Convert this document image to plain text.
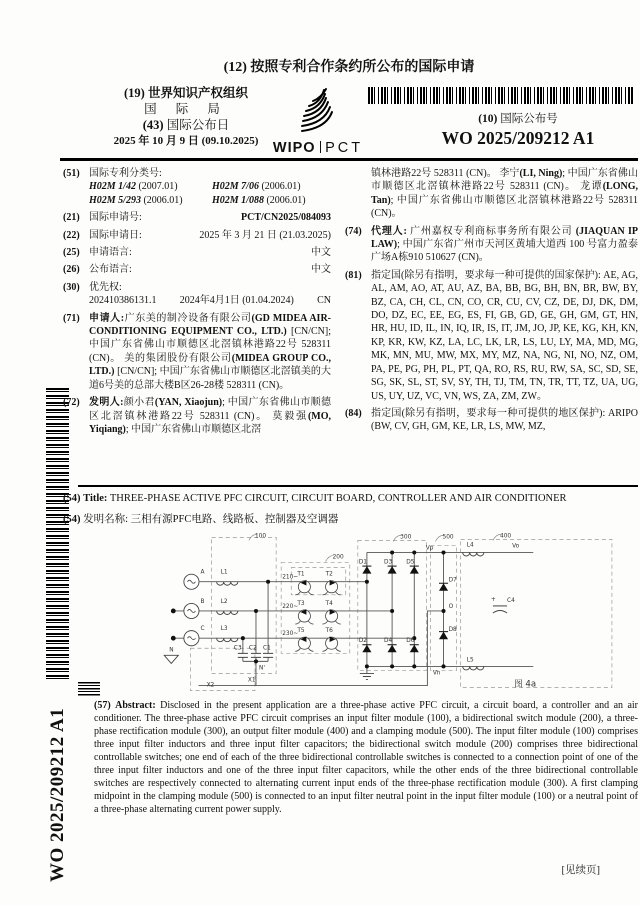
WO 2025/209212 A1
(12) 按照专利合作条约所公布的国际申请
(19) 世界知识产权组织
国 际 局
(43) 国际公布日
2025 年 10 月 9 日 (09.10.2025)	WIPO PCT
(10) 国际公布号
WO 2025/209212 A1
(51) 国际专利分类号:
H02M 1/42 (2007.01)	H02M 7/06 (2006.01)
H02M 5/293 (2006.01)	H02M 1/088 (2006.01)
(21) 国际申请号:	PCT/CN2025/084093
(22) 国际申请日:	2025 年 3 月 21 日 (21.03.2025)
(25) 申请语言:	中文
(26) 公布语言:	中文
(30) 优先权:
202410386131.1 2024年4月1日 (01.04.2024) CN
(71) 申请人:广东美的制冷设备有限公司(GD MIDEA AIR-CONDITIONING EQUIPMENT CO., LTD.) [CN/CN]; 中国广东省佛山市顺德区北滘镇林港路22号 528311 (CN)。 美的集团股份有限公司(MIDEA GROUP CO., LTD.) [CN/CN]; 中国广东省佛山市顺德区北滘镇美的大道6号美的总部大楼B区26-28楼 528311 (CN)。
(72) 发明人:颜小君(YAN, Xiaojun); 中国广东省佛山市顺德区北滘镇林港路22号 528311 (CN)。 莫毅强(MO, Yiqiang); 中国广东省佛山市顺德区北滘
镇林港路22号 528311 (CN)。 李宁(LI, Ning); 中国广东省佛山市顺德区北滘镇林港路22号 528311 (CN)。 龙谭(LONG, Tan); 中国广东省佛山市顺德区北滘镇林港路22号 528311 (CN)。
(74) 代理人: 广州嘉权专利商标事务所有限公司 (JIAQUAN IP LAW); 中国广东省广州市天河区黄埔大道西 100 号富力盈泰广场A栋910 510627 (CN)。
(81) 指定国(除另有指明，要求每一种可提供的国家保护): AE, AG, AL, AM, AO, AT, AU, AZ, BA, BB, BG, BH, BN, BR, BW, BY, BZ, CA, CH, CL, CN, CO, CR, CU, CV, CZ, DE, DJ, DK, DM, DO, DZ, EC, EE, EG, ES, FI, GB, GD, GE, GH, GM, GT, HN, HR, HU, ID, IL, IN, IQ, IR, IS, IT, JM, JO, JP, KE, KG, KH, KN, KP, KR, KW, KZ, LA, LC, LK, LR, LS, LU, LY, MA, MD, MG, MK, MN, MU, MW, MX, MY, MZ, NA, NG, NI, NO, NZ, OM, PA, PE, PG, PH, PL, PT, QA, RO, RS, RU, RW, SA, SC, SD, SE, SG, SK, SL, ST, SV, SY, TH, TJ, TM, TN, TR, TT, TZ, UA, UG, US, UY, UZ, VC, VN, WS, ZA, ZM, ZW。
(84) 指定国(除另有指明，要求每一种可提供的地区保护): ARIPO (BW, CV, GH, GM, KE, LR, LS, MW, MZ,
(54) Title: THREE-PHASE ACTIVE PFC CIRCUIT, CIRCUIT BOARD, CONTROLLER AND AIR CONDITIONER
(54) 发明名称: 三相有源PFC电路、线路板、控制器及空调器
100
200
300	500	400
210~
220~
230~
A
B
C
L1
L2
L3
L4
L5
C3 C2 C1
C4
+
T1	T2
T3	T4
T5	T6
D1	D3 D5
D2	D4 D6
D7
D8
Vp
Vn
O
Vo
X1
X2
N
N'
图 4a
(57) Abstract: Disclosed in the present application are a three-phase active PFC circuit, a circuit board, a controller and an air conditioner. The three-phase active PFC circuit comprises an input filter module (100), a bidirectional switch module (200), a three-phase rectification module (300), an output filter module (400) and a clamping module (500). The input filter module (100) comprises three input filter inductors and three input filter capacitors; the bidirectional switch module (200) comprises three bidirectional controllable switches; one end of each of the three bidirectional controllable switches is connected to a connection point of one of the three input filter inductors and one of the three input filter capacitors, while the other ends of the three bidirectional controllable switches are respectively connected to alternating current input ends of the three-phase rectification module (300). A first clamping midpoint in the clamping module (500) is connected to an input filter neutral point in the input filter module (100) or a neutral point of a three-phase alternating current power supply.
[见续页]
